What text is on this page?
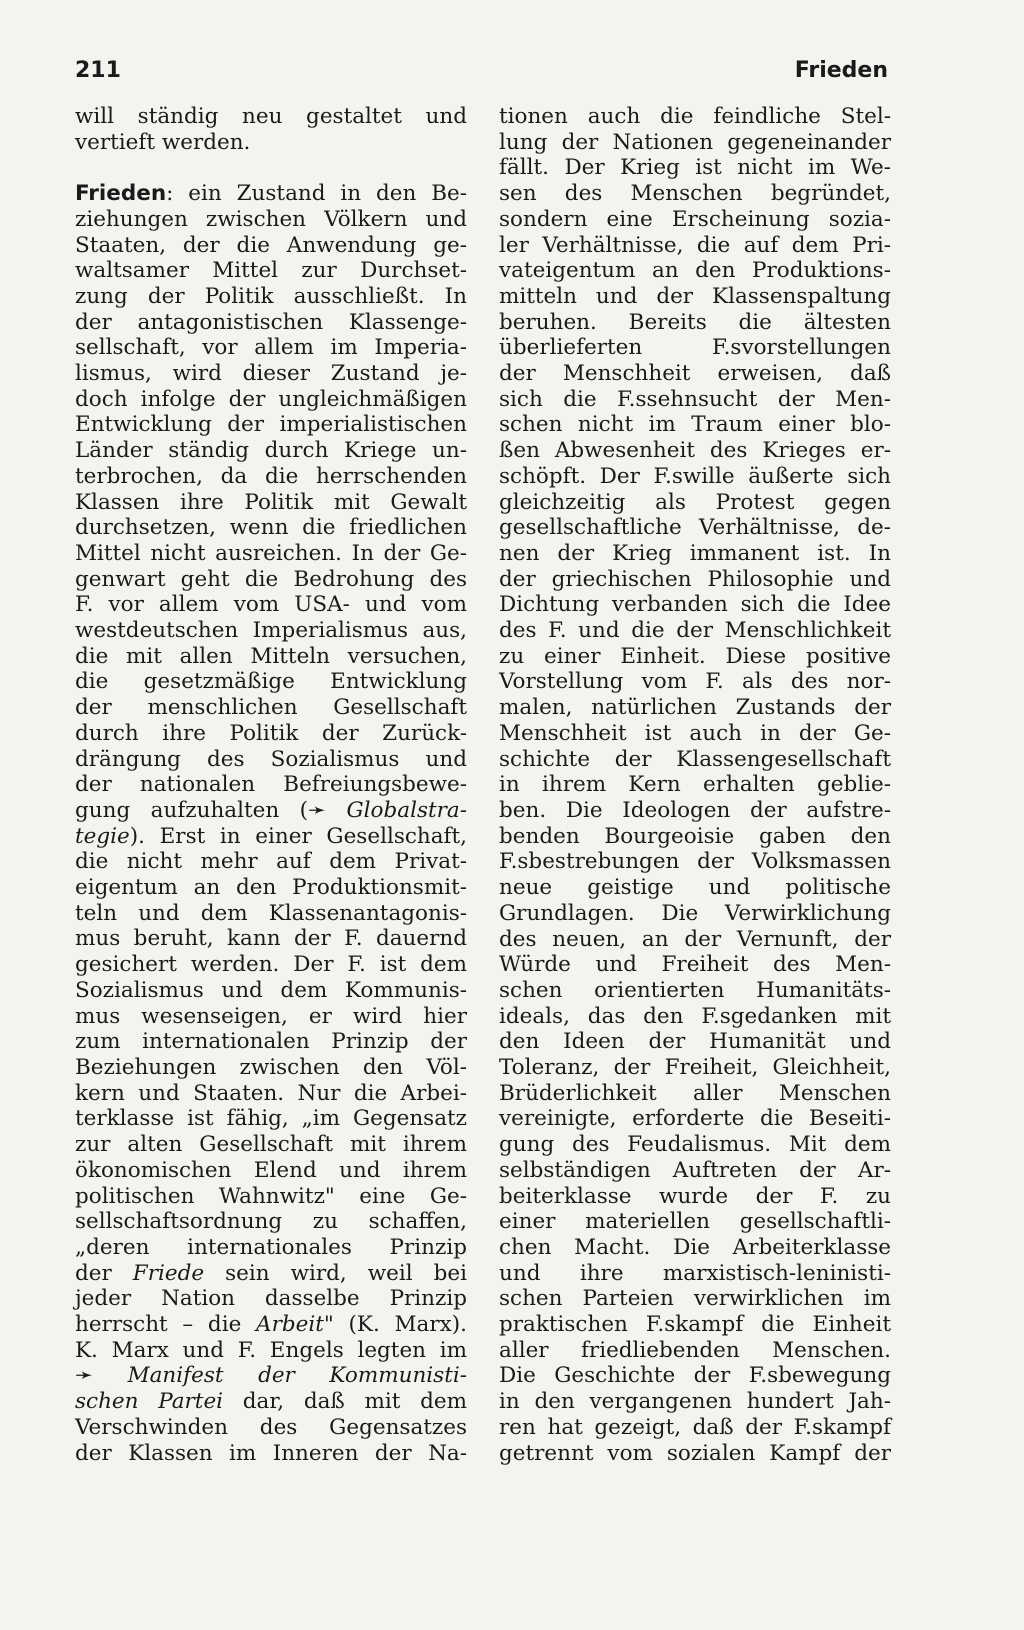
211	Frieden
will ständig neu gestaltet und
vertieft werden.
Frieden: ein Zustand in den Be-
ziehungen zwischen Völkern und
Staaten, der die Anwendung ge-
waltsamer Mittel zur Durchset-
zung der Politik ausschließt. In
der antagonistischen Klassenge-
sellschaft, vor allem im Imperia-
lismus, wird dieser Zustand je-
doch infolge der ungleichmäßigen
Entwicklung der imperialistischen
Länder ständig durch Kriege un-
terbrochen, da die herrschenden
Klassen ihre Politik mit Gewalt
durchsetzen, wenn die friedlichen
Mittel nicht ausreichen. In der Ge-
genwart geht die Bedrohung des
F. vor allem vom USA- und vom
westdeutschen Imperialismus aus,
die mit allen Mitteln versuchen,
die gesetzmäßige Entwicklung
der menschlichen Gesellschaft
durch ihre Politik der Zurück-
drängung des Sozialismus und
der nationalen Befreiungsbewe-
gung aufzuhalten (➛ Globalstra-
tegie). Erst in einer Gesellschaft,
die nicht mehr auf dem Privat-
eigentum an den Produktionsmit-
teln und dem Klassenantagonis-
mus beruht, kann der F. dauernd
gesichert werden. Der F. ist dem
Sozialismus und dem Kommunis-
mus wesenseigen, er wird hier
zum internationalen Prinzip der
Beziehungen zwischen den Völ-
kern und Staaten. Nur die Arbei-
terklasse ist fähig, „im Gegensatz
zur alten Gesellschaft mit ihrem
ökonomischen Elend und ihrem
politischen Wahnwitz" eine Ge-
sellschaftsordnung zu schaffen,
„deren internationales Prinzip
der Friede sein wird, weil bei
jeder Nation dasselbe Prinzip
herrscht – die Arbeit" (K. Marx).
K. Marx und F. Engels legten im
➛ Manifest der Kommunisti-
schen Partei dar, daß mit dem
Verschwinden des Gegensatzes
der Klassen im Inneren der Na-
tionen auch die feindliche Stel-
lung der Nationen gegeneinander
fällt. Der Krieg ist nicht im We-
sen des Menschen begründet,
sondern eine Erscheinung sozia-
ler Verhältnisse, die auf dem Pri-
vateigentum an den Produktions-
mitteln und der Klassenspaltung
beruhen. Bereits die ältesten
überlieferten F.svorstellungen
der Menschheit erweisen, daß
sich die F.ssehnsucht der Men-
schen nicht im Traum einer blo-
ßen Abwesenheit des Krieges er-
schöpft. Der F.swille äußerte sich
gleichzeitig als Protest gegen
gesellschaftliche Verhältnisse, de-
nen der Krieg immanent ist. In
der griechischen Philosophie und
Dichtung verbanden sich die Idee
des F. und die der Menschlichkeit
zu einer Einheit. Diese positive
Vorstellung vom F. als des nor-
malen, natürlichen Zustands der
Menschheit ist auch in der Ge-
schichte der Klassengesellschaft
in ihrem Kern erhalten geblie-
ben. Die Ideologen der aufstre-
benden Bourgeoisie gaben den
F.sbestrebungen der Volksmassen
neue geistige und politische
Grundlagen. Die Verwirklichung
des neuen, an der Vernunft, der
Würde und Freiheit des Men-
schen orientierten Humanitäts-
ideals, das den F.sgedanken mit
den Ideen der Humanität und
Toleranz, der Freiheit, Gleichheit,
Brüderlichkeit aller Menschen
vereinigte, erforderte die Beseiti-
gung des Feudalismus. Mit dem
selbständigen Auftreten der Ar-
beiterklasse wurde der F. zu
einer materiellen gesellschaftli-
chen Macht. Die Arbeiterklasse
und ihre marxistisch-leninisti-
schen Parteien verwirklichen im
praktischen F.skampf die Einheit
aller friedliebenden Menschen.
Die Geschichte der F.sbewegung
in den vergangenen hundert Jah-
ren hat gezeigt, daß der F.skampf
getrennt vom sozialen Kampf der
